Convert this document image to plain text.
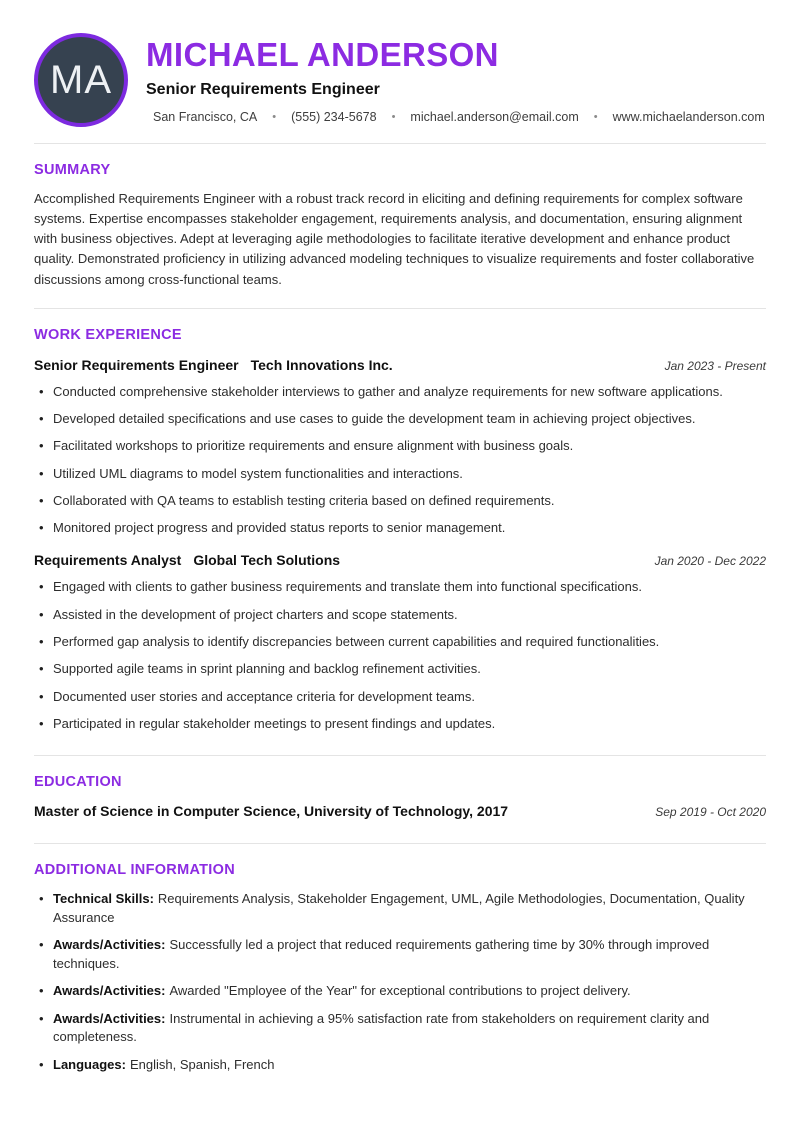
MA
MICHAEL ANDERSON
Senior Requirements Engineer
San Francisco, CA • (555) 234-5678 • michael.anderson@email.com • www.michaelanderson.com
SUMMARY

Accomplished Requirements Engineer with a robust track record in eliciting and defining requirements for complex software systems. Expertise encompasses stakeholder engagement, requirements analysis, and documentation, ensuring alignment with business objectives. Adept at leveraging agile methodologies to facilitate iterative development and enhance product quality. Demonstrated proficiency in utilizing advanced modeling techniques to visualize requirements and foster collaborative discussions among cross-functional teams.

WORK EXPERIENCE
Senior Requirements Engineer Tech Innovations Inc.	Jan 2023 - Present
• Conducted comprehensive stakeholder interviews to gather and analyze requirements for new software applications.
• Developed detailed specifications and use cases to guide the development team in achieving project objectives.
• Facilitated workshops to prioritize requirements and ensure alignment with business goals.
• Utilized UML diagrams to model system functionalities and interactions.
• Collaborated with QA teams to establish testing criteria based on defined requirements.
• Monitored project progress and provided status reports to senior management.
Requirements Analyst Global Tech Solutions	Jan 2020 - Dec 2022
• Engaged with clients to gather business requirements and translate them into functional specifications.
• Assisted in the development of project charters and scope statements.
• Performed gap analysis to identify discrepancies between current capabilities and required functionalities.
• Supported agile teams in sprint planning and backlog refinement activities.
• Documented user stories and acceptance criteria for development teams.
• Participated in regular stakeholder meetings to present findings and updates.
EDUCATION
Master of Science in Computer Science, University of Technology, 2017	Sep 2019 - Oct 2020
ADDITIONAL INFORMATION
• Technical Skills: Requirements Analysis, Stakeholder Engagement, UML, Agile Methodologies, Documentation, Quality Assurance
• Awards/Activities: Successfully led a project that reduced requirements gathering time by 30% through improved techniques.
• Awards/Activities: Awarded "Employee of the Year" for exceptional contributions to project delivery.
• Awards/Activities: Instrumental in achieving a 95% satisfaction rate from stakeholders on requirement clarity and completeness.
• Languages: English, Spanish, French
